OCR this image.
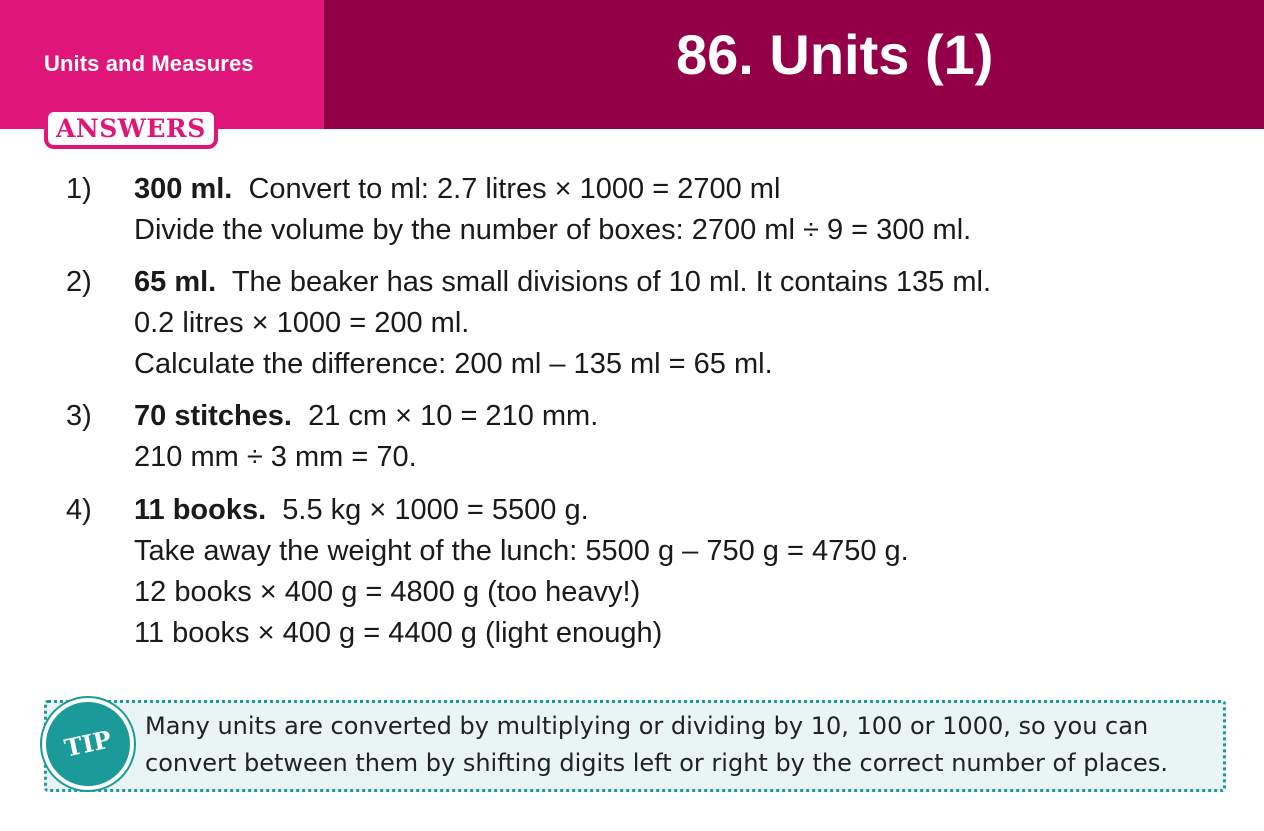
Units and Measures	86. Units (1)
ANSWERS
1) 300 ml. Convert to ml: 2.7 litres × 1000 = 2700 ml
Divide the volume by the number of boxes: 2700 ml ÷ 9 = 300 ml.
2) 65 ml. The beaker has small divisions of 10 ml. It contains 135 ml.
0.2 litres × 1000 = 200 ml.
Calculate the difference: 200 ml – 135 ml = 65 ml.
3) 70 stitches. 21 cm × 10 = 210 mm.
210 mm ÷ 3 mm = 70.
4) 11 books. 5.5 kg × 1000 = 5500 g.
Take away the weight of the lunch: 5500 g – 750 g = 4750 g.
12 books × 400 g = 4800 g (too heavy!)
11 books × 400 g = 4400 g (light enough)
TIP	Many units are converted by multiplying or dividing by 10, 100 or 1000, so you can
convert between them by shifting digits left or right by the correct number of places.
